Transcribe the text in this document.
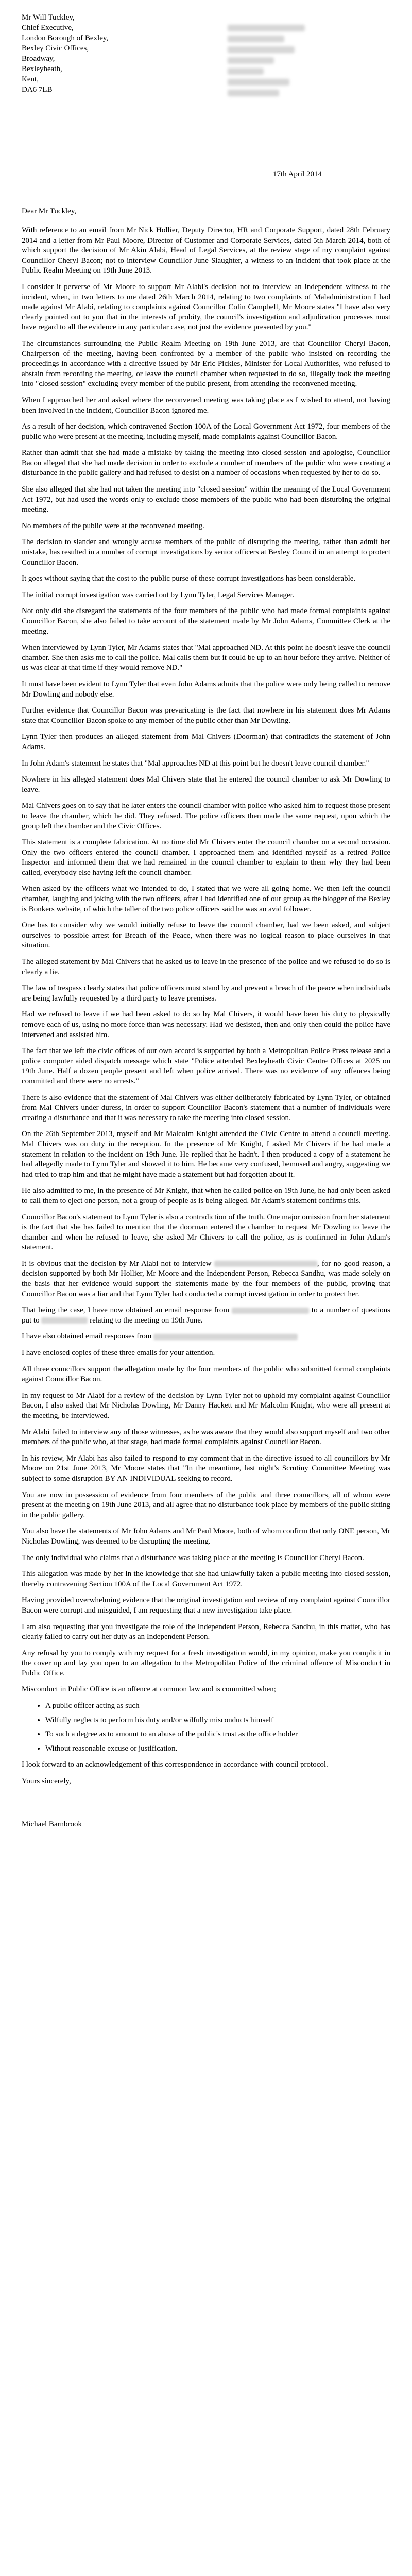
Mr Will Tuckley,
Chief Executive,
London Borough of Bexley,
Bexley Civic Offices,
Broadway,
Bexleyheath,
Kent,
DA6 7LB
17th April 2014
Dear Mr Tuckley,

With reference to an email from Mr Nick Hollier, Deputy Director, HR and Corporate Support, dated 28th February 2014 and a letter from Mr Paul Moore, Director of Customer and Corporate Services, dated 5th March 2014, both of which support the decision of Mr Akin Alabi, Head of Legal Services, at the review stage of my complaint against Councillor Cheryl Bacon; not to interview Councillor June Slaughter, a witness to an incident that took place at the Public Realm Meeting on 19th June 2013.

I consider it perverse of Mr Moore to support Mr Alabi's decision not to interview an independent witness to the incident, when, in two letters to me dated 26th March 2014, relating to two complaints of Maladministration I had made against Mr Alabi, relating to complaints against Councillor Colin Campbell, Mr Moore states "I have also very clearly pointed out to you that in the interests of probity, the council's investigation and adjudication processes must have regard to all the evidence in any particular case, not just the evidence presented by you."

The circumstances surrounding the Public Realm Meeting on 19th June 2013, are that Councillor Cheryl Bacon, Chairperson of the meeting, having been confronted by a member of the public who insisted on recording the proceedings in accordance with a directive issued by Mr Eric Pickles, Minister for Local Authorities, who refused to abstain from recording the meeting, or leave the council chamber when requested to do so, illegally took the meeting into "closed session" excluding every member of the public present, from attending the reconvened meeting.

When I approached her and asked where the reconvened meeting was taking place as I wished to attend, not having been involved in the incident, Councillor Bacon ignored me.

As a result of her decision, which contravened Section 100A of the Local Government Act 1972, four members of the public who were present at the meeting, including myself, made complaints against Councillor Bacon.

Rather than admit that she had made a mistake by taking the meeting into closed session and apologise, Councillor Bacon alleged that she had made decision in order to exclude a number of members of the public who were creating a disturbance in the public gallery and had refused to desist on a number of occasions when requested by her to do so.

She also alleged that she had not taken the meeting into "closed session" within the meaning of the Local Government Act 1972, but had used the words only to exclude those members of the public who had been disturbing the original meeting.

No members of the public were at the reconvened meeting.

The decision to slander and wrongly accuse members of the public of disrupting the meeting, rather than admit her mistake, has resulted in a number of corrupt investigations by senior officers at Bexley Council in an attempt to protect Councillor Bacon.

It goes without saying that the cost to the public purse of these corrupt investigations has been considerable.

The initial corrupt investigation was carried out by Lynn Tyler, Legal Services Manager.

Not only did she disregard the statements of the four members of the public who had made formal complaints against Councillor Bacon, she also failed to take account of the statement made by Mr John Adams, Committee Clerk at the meeting.

When interviewed by Lynn Tyler, Mr Adams states that "Mal approached ND. At this point he doesn't leave the council chamber. She then asks me to call the police. Mal calls them but it could be up to an hour before they arrive. Neither of us was clear at that time if they would remove ND."

It must have been evident to Lynn Tyler that even John Adams admits that the police were only being called to remove Mr Dowling and nobody else.

Further evidence that Councillor Bacon was prevaricating is the fact that nowhere in his statement does Mr Adams state that Councillor Bacon spoke to any member of the public other than Mr Dowling.

Lynn Tyler then produces an alleged statement from Mal Chivers (Doorman) that contradicts the statement of John Adams.

In John Adam's statement he states that "Mal approaches ND at this point but he doesn't leave council chamber."

Nowhere in his alleged statement does Mal Chivers state that he entered the council chamber to ask Mr Dowling to leave.

Mal Chivers goes on to say that he later enters the council chamber with police who asked him to request those present to leave the chamber, which he did. They refused. The police officers then made the same request, upon which the group left the chamber and the Civic Offices.

This statement is a complete fabrication. At no time did Mr Chivers enter the council chamber on a second occasion. Only the two officers entered the council chamber. I approached them and identified myself as a retired Police Inspector and informed them that we had remained in the council chamber to explain to them why they had been called, everybody else having left the council chamber.

When asked by the officers what we intended to do, I stated that we were all going home. We then left the council chamber, laughing and joking with the two officers, after I had identified one of our group as the blogger of the Bexley is Bonkers website, of which the taller of the two police officers said he was an avid follower.

One has to consider why we would initially refuse to leave the council chamber, had we been asked, and subject ourselves to possible arrest for Breach of the Peace, when there was no logical reason to place ourselves in that situation.

The alleged statement by Mal Chivers that he asked us to leave in the presence of the police and we refused to do so is clearly a lie.

The law of trespass clearly states that police officers must stand by and prevent a breach of the peace when individuals are being lawfully requested by a third party to leave premises.

Had we refused to leave if we had been asked to do so by Mal Chivers, it would have been his duty to physically remove each of us, using no more force than was necessary. Had we desisted, then and only then could the police have intervened and assisted him.

The fact that we left the civic offices of our own accord is supported by both a Metropolitan Police Press release and a police computer aided dispatch message which state "Police attended Bexleyheath Civic Centre Offices at 2025 on 19th June. Half a dozen people present and left when police arrived. There was no evidence of any offences being committed and there were no arrests."

There is also evidence that the statement of Mal Chivers was either deliberately fabricated by Lynn Tyler, or obtained from Mal Chivers under duress, in order to support Councillor Bacon's statement that a number of individuals were creating a disturbance and that it was necessary to take the meeting into closed session.

On the 26th September 2013, myself and Mr Malcolm Knight attended the Civic Centre to attend a council meeting. Mal Chivers was on duty in the reception. In the presence of Mr Knight, I asked Mr Chivers if he had made a statement in relation to the incident on 19th June. He replied that he hadn't. I then produced a copy of a statement he had allegedly made to Lynn Tyler and showed it to him. He became very confused, bemused and angry, suggesting we had tried to trap him and that he might have made a statement but had forgotten about it.

He also admitted to me, in the presence of Mr Knight, that when he called police on 19th June, he had only been asked to call them to eject one person, not a group of people as is being alleged. Mr Adam's statement confirms this.

Councillor Bacon's statement to Lynn Tyler is also a contradiction of the truth. One major omission from her statement is the fact that she has failed to mention that the doorman entered the chamber to request Mr Dowling to leave the chamber and when he refused to leave, she asked Mr Chivers to call the police, as is confirmed in John Adam's statement.

It is obvious that the decision by Mr Alabi not to interview	, for no good reason, a decision supported by both Mr Hollier, Mr Moore and the Independent Person, Rebecca Sandhu, was made solely on the basis that her evidence would support the statements made by the four members of the public, proving that Councillor Bacon was a liar and that Lynn Tyler had conducted a corrupt investigation in order to protect her.

That being the case, I have now obtained an email response from	to a number of questions put to	relating to the meeting on 19th June.

I have also obtained email responses from

I have enclosed copies of these three emails for your attention.

All three councillors support the allegation made by the four members of the public who submitted formal complaints against Councillor Bacon.

In my request to Mr Alabi for a review of the decision by Lynn Tyler not to uphold my complaint against Councillor Bacon, I also asked that Mr Nicholas Dowling, Mr Danny Hackett and Mr Malcolm Knight, who were all present at the meeting, be interviewed.

Mr Alabi failed to interview any of those witnesses, as he was aware that they would also support myself and two other members of the public who, at that stage, had made formal complaints against Councillor Bacon.

In his review, Mr Alabi has also failed to respond to my comment that in the directive issued to all councillors by Mr Moore on 21st June 2013, Mr Moore states that "In the meantime, last night's Scrutiny Committee Meeting was subject to some disruption BY AN INDIVIDUAL seeking to record.

You are now in possession of evidence from four members of the public and three councillors, all of whom were present at the meeting on 19th June 2013, and all agree that no disturbance took place by members of the public sitting in the public gallery.

You also have the statements of Mr John Adams and Mr Paul Moore, both of whom confirm that only ONE person, Mr Nicholas Dowling, was deemed to be disrupting the meeting.

The only individual who claims that a disturbance was taking place at the meeting is Councillor Cheryl Bacon.

This allegation was made by her in the knowledge that she had unlawfully taken a public meeting into closed session, thereby contravening Section 100A of the Local Government Act 1972.

Having provided overwhelming evidence that the original investigation and review of my complaint against Councillor Bacon were corrupt and misguided, I am requesting that a new investigation take place.

I am also requesting that you investigate the role of the Independent Person, Rebecca Sandhu, in this matter, who has clearly failed to carry out her duty as an Independent Person.

Any refusal by you to comply with my request for a fresh investigation would, in my opinion, make you complicit in the cover up and lay you open to an allegation to the Metropolitan Police of the criminal offence of Misconduct in Public Office.

Misconduct in Public Office is an offence at common law and is committed when;

• A public officer acting as such
• Wilfully neglects to perform his duty and/or wilfully misconducts himself
• To such a degree as to amount to an abuse of the public's trust as the office holder
• Without reasonable excuse or justification.

I look forward to an acknowledgement of this correspondence in accordance with council protocol.

Yours sincerely,

Michael Barnbrook
